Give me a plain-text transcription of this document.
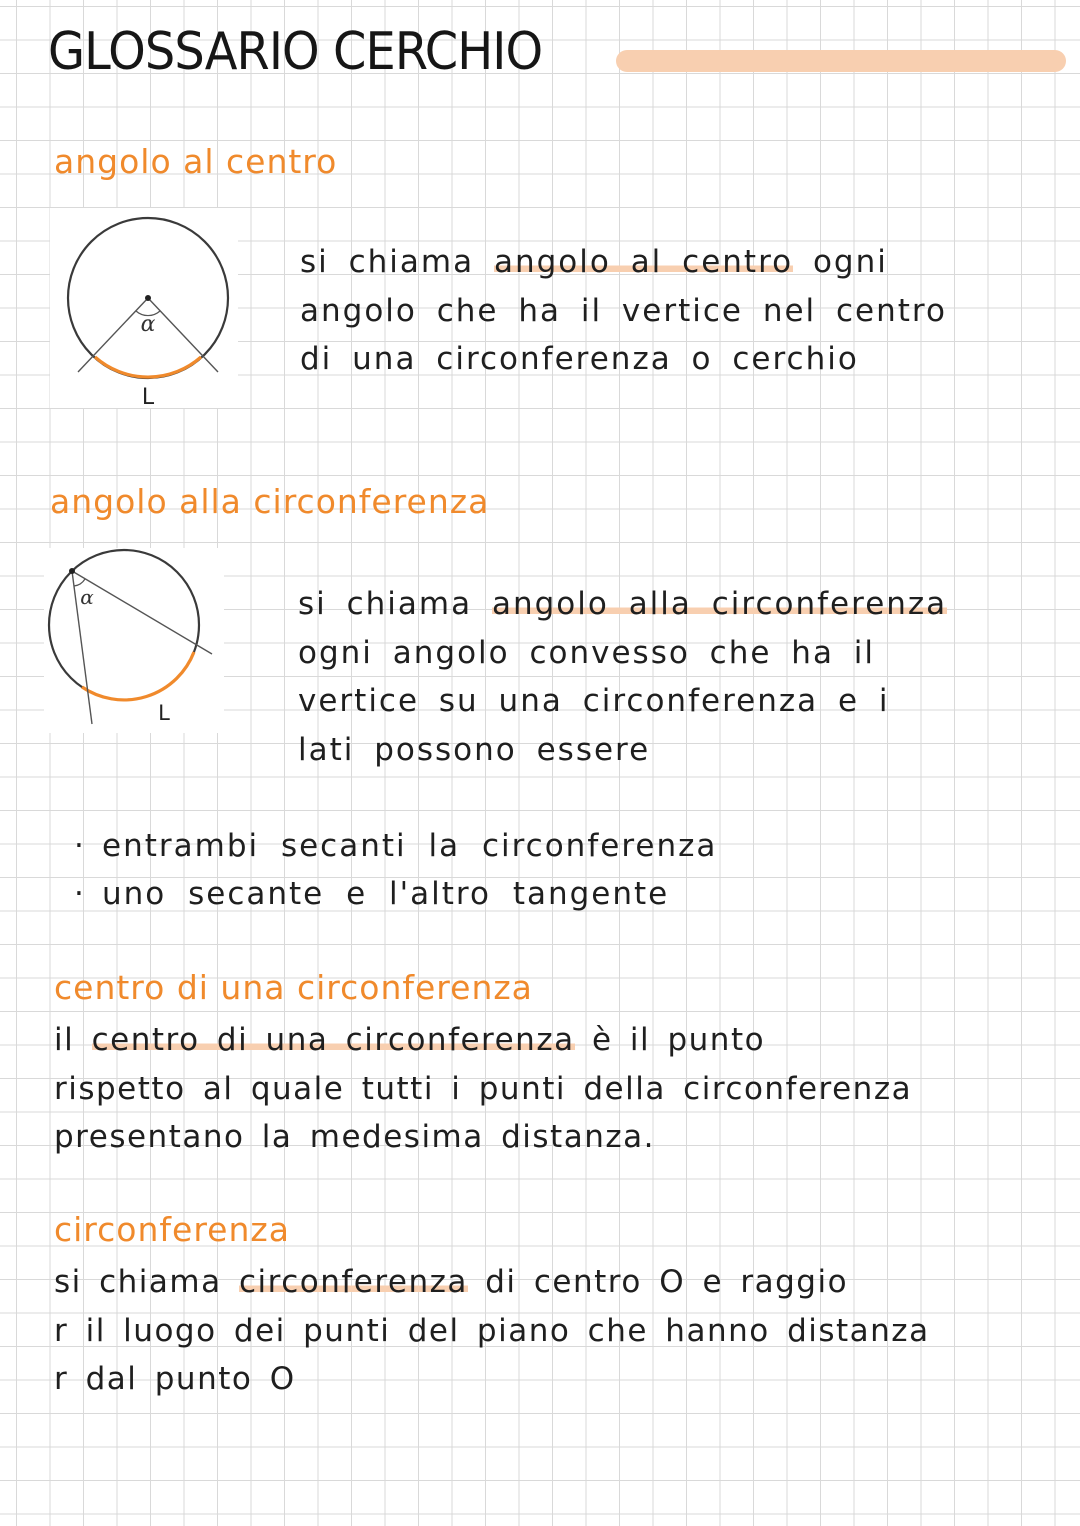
GLOSSARIO CERCHIO
angolo al centro
α
L

si chiama angolo al centro ogni

angolo che ha il vertice nel centro

di una circonferenza o cerchio

angolo alla circonferenza
α
L

si chiama angolo alla circonferenza

ogni angolo convesso che ha il

vertice su una circonferenza e i

lati possono essere

· entrambi secanti la circonferenza
· uno secante e l'altro tangente
centro di una circonferenza

il centro di una circonferenza è il punto

rispetto al quale tutti i punti della circonferenza

presentano la medesima distanza.

circonferenza

si chiama circonferenza di centro O e raggio

r il luogo dei punti del piano che hanno distanza

r dal punto O
